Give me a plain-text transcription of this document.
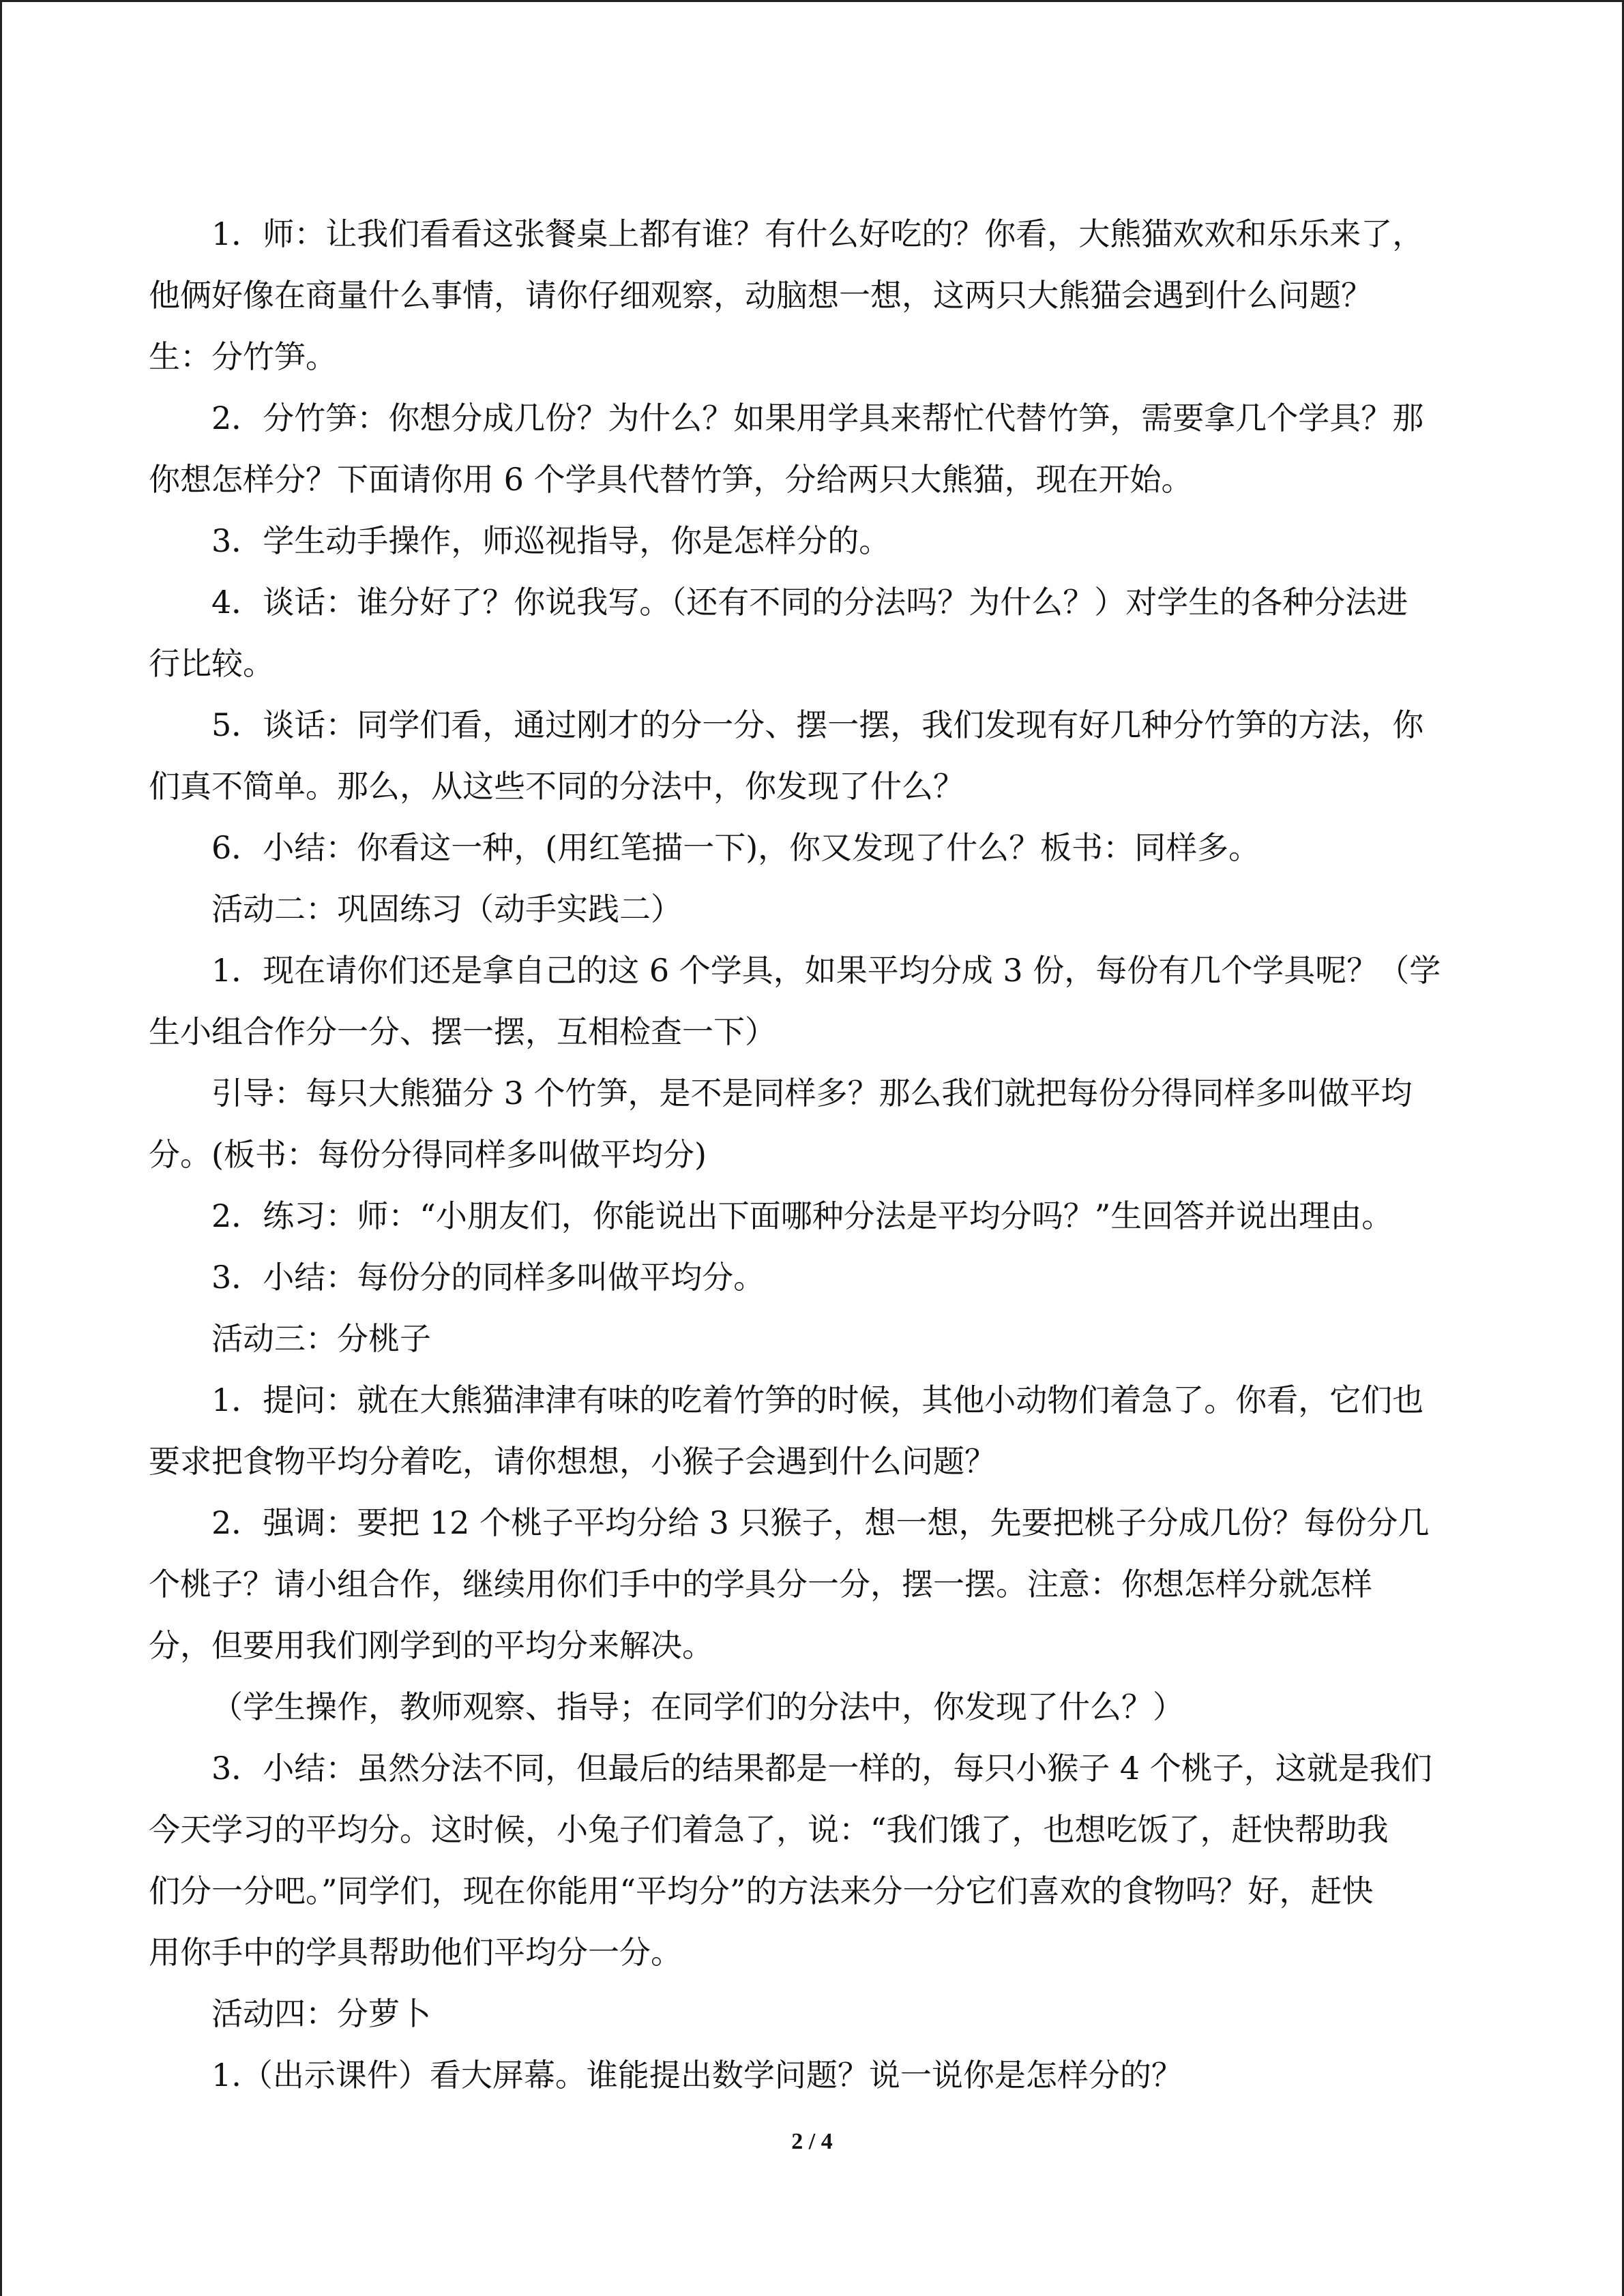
1．师：让我们看看这张餐桌上都有谁？有什么好吃的？你看，大熊猫欢欢和乐乐来了，
他俩好像在商量什么事情，请你仔细观察，动脑想一想，这两只大熊猫会遇到什么问题？
生：分竹笋。
2．分竹笋：你想分成几份？为什么？如果用学具来帮忙代替竹笋，需要拿几个学具？那
你想怎样分？下面请你用 6 个学具代替竹笋，分给两只大熊猫，现在开始。
3．学生动手操作，师巡视指导，你是怎样分的。
4．谈话：谁分好了？你说我写。（还有不同的分法吗？为什么？）对学生的各种分法进
行比较。
5．谈话：同学们看，通过刚才的分一分、摆一摆，我们发现有好几种分竹笋的方法，你
们真不简单。那么，从这些不同的分法中，你发现了什么？
6．小结：你看这一种，(用红笔描一下)，你又发现了什么？板书：同样多。
活动二：巩固练习（动手实践二）
1．现在请你们还是拿自己的这 6 个学具，如果平均分成 3 份，每份有几个学具呢？（学
生小组合作分一分、摆一摆，互相检查一下）
引导：每只大熊猫分 3 个竹笋，是不是同样多？那么我们就把每份分得同样多叫做平均
分。(板书：每份分得同样多叫做平均分)
2．练习：师：“小朋友们，你能说出下面哪种分法是平均分吗？”生回答并说出理由。
3．小结：每份分的同样多叫做平均分。
活动三：分桃子
1．提问：就在大熊猫津津有味的吃着竹笋的时候，其他小动物们着急了。你看，它们也
要求把食物平均分着吃，请你想想，小猴子会遇到什么问题？
2．强调：要把 12 个桃子平均分给 3 只猴子，想一想，先要把桃子分成几份？每份分几
个桃子？请小组合作，继续用你们手中的学具分一分，摆一摆。注意：你想怎样分就怎样
分，但要用我们刚学到的平均分来解决。
（学生操作，教师观察、指导；在同学们的分法中，你发现了什么？）
3．小结：虽然分法不同，但最后的结果都是一样的，每只小猴子 4 个桃子，这就是我们
今天学习的平均分。这时候，小兔子们着急了，说：“我们饿了，也想吃饭了，赶快帮助我
们分一分吧。”同学们，现在你能用“平均分”的方法来分一分它们喜欢的食物吗？好，赶快
用你手中的学具帮助他们平均分一分。
活动四：分萝卜
1.（出示课件）看大屏幕。谁能提出数学问题？说一说你是怎样分的？
2 / 4
